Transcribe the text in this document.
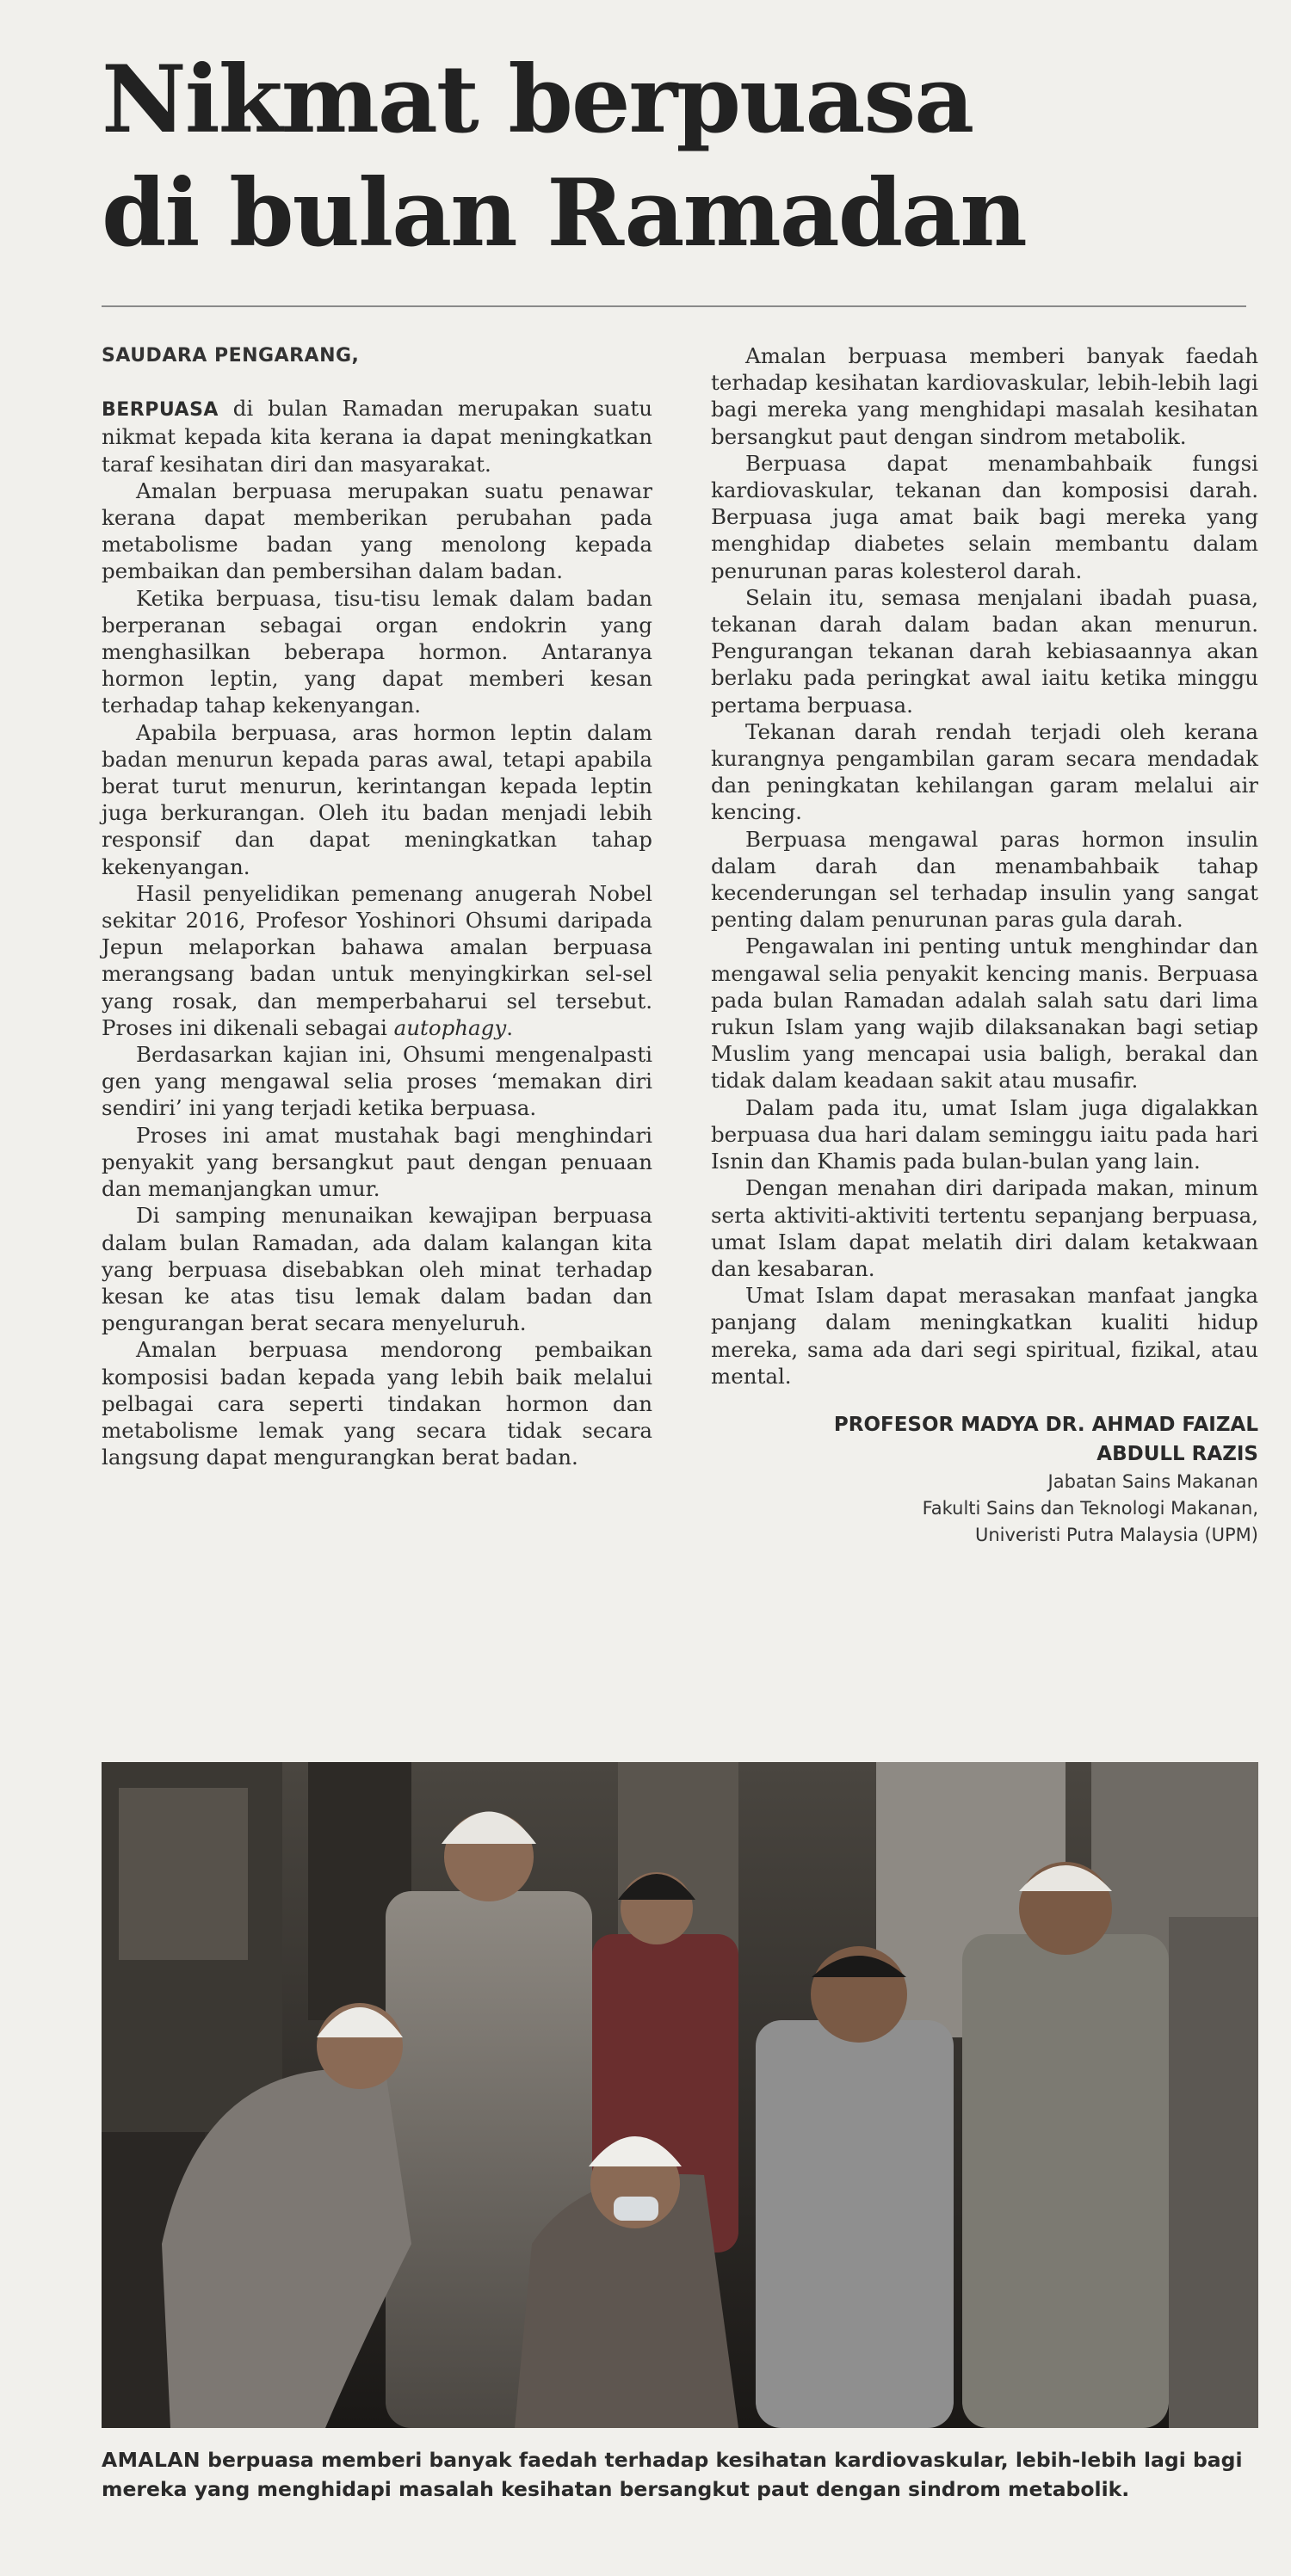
Nikmat berpuasa
di bulan Ramadan
SAUDARA PENGARANG,

BERPUASA di bulan Ramadan merupakan suatu nikmat kepada kita kerana ia dapat meningkatkan taraf kesihatan diri dan masyarakat.

Amalan berpuasa merupakan suatu penawar kerana dapat memberikan perubahan pada metabolisme badan yang menolong kepada pembaikan dan pembersihan dalam badan.

Ketika berpuasa, tisu-tisu lemak dalam badan berperanan sebagai organ endokrin yang menghasilkan beberapa hormon. Antaranya hormon leptin, yang dapat memberi kesan terhadap tahap kekenyangan.

Apabila berpuasa, aras hormon leptin dalam badan menurun kepada paras awal, tetapi apabila berat turut menurun, kerintangan kepada leptin juga berkurangan. Oleh itu badan menjadi lebih responsif dan dapat meningkatkan tahap kekenyangan.

Hasil penyelidikan pemenang anugerah Nobel sekitar 2016, Profesor Yoshinori Ohsumi daripada Jepun melaporkan bahawa amalan berpuasa merangsang badan untuk menyingkirkan sel-sel yang rosak, dan memperbaharui sel tersebut. Proses ini dikenali sebagai autophagy.

Berdasarkan kajian ini, Ohsumi mengenalpasti gen yang mengawal selia proses ‘memakan diri sendiri’ ini yang terjadi ketika berpuasa.

Proses ini amat mustahak bagi menghindari penyakit yang bersangkut paut dengan penuaan dan memanjangkan umur.

Di samping menunaikan kewajipan berpuasa dalam bulan Ramadan, ada dalam kalangan kita yang berpuasa disebabkan oleh minat terhadap kesan ke atas tisu lemak dalam badan dan pengurangan berat secara menyeluruh.

Amalan berpuasa mendorong pembaikan komposisi badan kepada yang lebih baik melalui pelbagai cara seperti tindakan hormon dan metabolisme lemak yang secara tidak secara langsung dapat mengurangkan berat badan.

Amalan berpuasa memberi banyak faedah terhadap kesihatan kardiovaskular, lebih-lebih lagi bagi mereka yang menghidapi masalah kesihatan bersangkut paut dengan sindrom metabolik.

Berpuasa dapat menambahbaik fungsi kardiovaskular, tekanan dan komposisi darah. Berpuasa juga amat baik bagi mereka yang menghidap diabetes selain membantu dalam penurunan paras kolesterol darah.

Selain itu, semasa menjalani ibadah puasa, tekanan darah dalam badan akan menurun. Pengurangan tekanan darah kebiasaannya akan berlaku pada peringkat awal iaitu ketika minggu pertama berpuasa.

Tekanan darah rendah terjadi oleh kerana kurangnya pengambilan garam secara mendadak dan peningkatan kehilangan garam melalui air kencing.

Berpuasa mengawal paras hormon insulin dalam darah dan menambahbaik tahap kecenderungan sel terhadap insulin yang sangat penting dalam penurunan paras gula darah.

Pengawalan ini penting untuk menghindar dan mengawal selia penyakit kencing manis. Berpuasa pada bulan Ramadan adalah salah satu dari lima rukun Islam yang wajib dilaksanakan bagi setiap Muslim yang mencapai usia baligh, berakal dan tidak dalam keadaan sakit atau musafir.

Dalam pada itu, umat Islam juga digalakkan berpuasa dua hari dalam seminggu iaitu pada hari Isnin dan Khamis pada bulan-bulan yang lain.

Dengan menahan diri daripada makan, minum serta aktiviti-aktiviti tertentu sepanjang berpuasa, umat Islam dapat melatih diri dalam ketakwaan dan kesabaran.

Umat Islam dapat merasakan manfaat jangka panjang dalam meningkatkan kualiti hidup mereka, sama ada dari segi spiritual, fizikal, atau mental.

PROFESOR MADYA DR. AHMAD FAIZAL
ABDULL RAZIS
Jabatan Sains Makanan
Fakulti Sains dan Teknologi Makanan,
Univeristi Putra Malaysia (UPM)
AMALAN berpuasa memberi banyak faedah terhadap kesihatan kardiovaskular, lebih-lebih lagi bagi mereka yang menghidapi masalah kesihatan bersangkut paut dengan sindrom metabolik.
